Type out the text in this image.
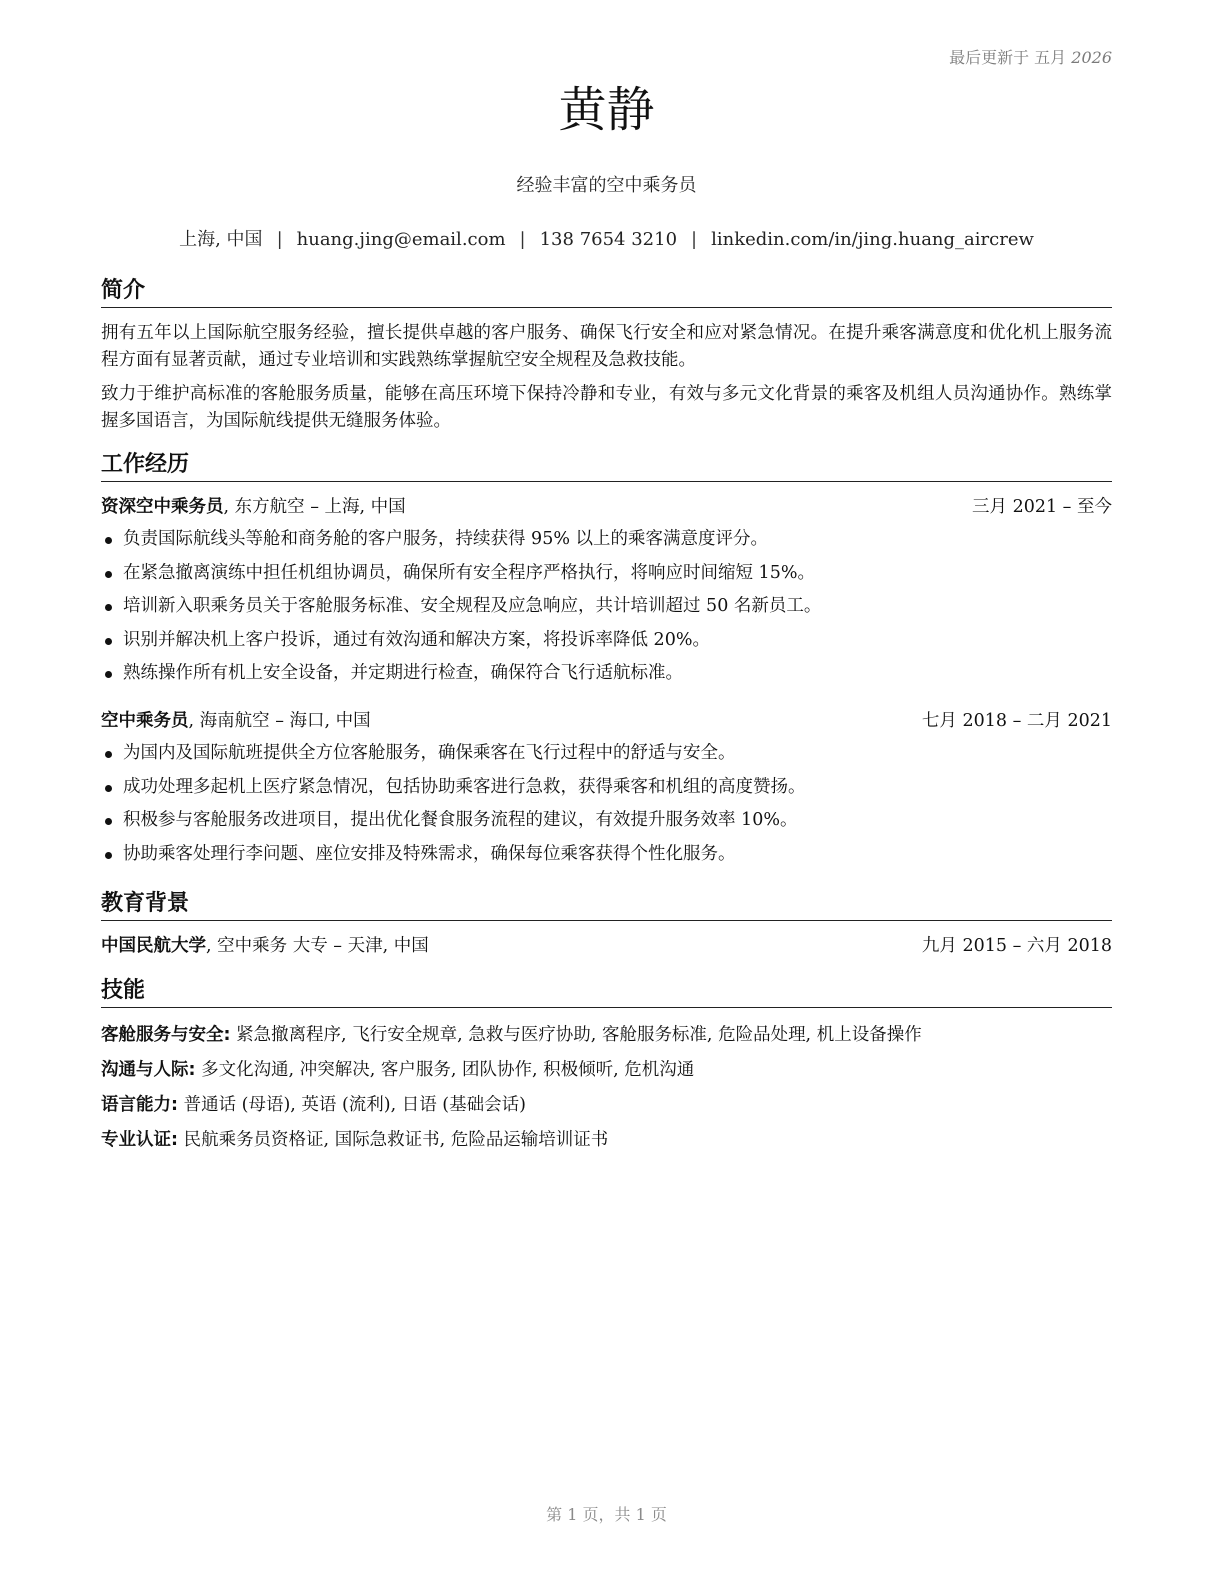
最后更新于 五月 2026
黄静
经验丰富的空中乘务员
上海, 中国 | huang.jing@email.com | 138 7654 3210 | linkedin.com/in/jing.huang_aircrew
简介

拥有五年以上国际航空服务经验，擅长提供卓越的客户服务、确保飞行安全和应对紧急情况。在提升乘客满意度和优化机上服务流程方面有显著贡献，通过专业培训和实践熟练掌握航空安全规程及急救技能。

致力于维护高标准的客舱服务质量，能够在高压环境下保持冷静和专业，有效与多元文化背景的乘客及机组人员沟通协作。熟练掌握多国语言，为国际航线提供无缝服务体验。

工作经历
资深空中乘务员, 东方航空 – 上海, 中国	三月 2021 – 至今
负责国际航线头等舱和商务舱的客户服务，持续获得 95% 以上的乘客满意度评分。
在紧急撤离演练中担任机组协调员，确保所有安全程序严格执行，将响应时间缩短 15%。
培训新入职乘务员关于客舱服务标准、安全规程及应急响应，共计培训超过 50 名新员工。
识别并解决机上客户投诉，通过有效沟通和解决方案，将投诉率降低 20%。
熟练操作所有机上安全设备，并定期进行检查，确保符合飞行适航标准。
空中乘务员, 海南航空 – 海口, 中国	七月 2018 – 二月 2021
为国内及国际航班提供全方位客舱服务，确保乘客在飞行过程中的舒适与安全。
成功处理多起机上医疗紧急情况，包括协助乘客进行急救，获得乘客和机组的高度赞扬。
积极参与客舱服务改进项目，提出优化餐食服务流程的建议，有效提升服务效率 10%。
协助乘客处理行李问题、座位安排及特殊需求，确保每位乘客获得个性化服务。
教育背景
中国民航大学, 空中乘务 大专 – 天津, 中国	九月 2015 – 六月 2018
技能
客舱服务与安全: 紧急撤离程序, 飞行安全规章, 急救与医疗协助, 客舱服务标准, 危险品处理, 机上设备操作
沟通与人际: 多文化沟通, 冲突解决, 客户服务, 团队协作, 积极倾听, 危机沟通
语言能力: 普通话 (母语), 英语 (流利), 日语 (基础会话)
专业认证: 民航乘务员资格证, 国际急救证书, 危险品运输培训证书
第 1 页，共 1 页
